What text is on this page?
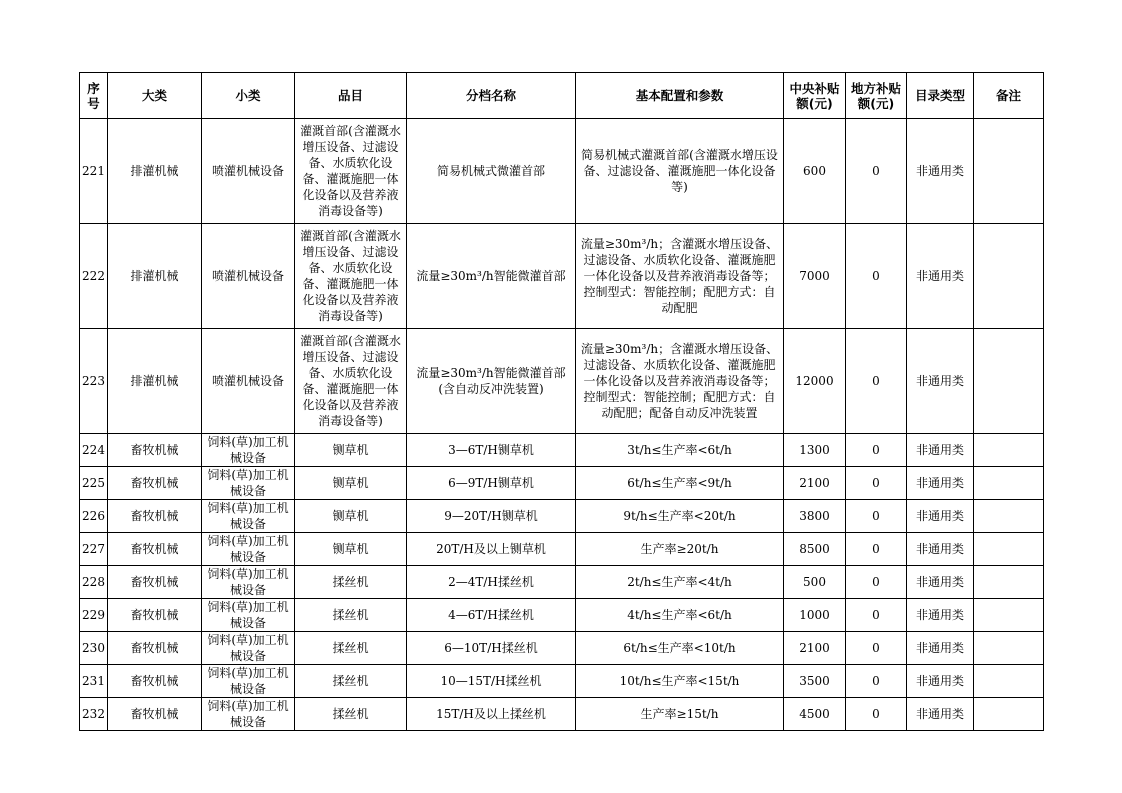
序号	大类	小类	品目	分档名称	基本配置和参数	中央补贴额(元)	地方补贴额(元)	目录类型	备注
221	排灌机械	喷灌机械设备	灌溉首部(含灌溉水增压设备、过滤设备、水质软化设备、灌溉施肥一体化设备以及营养液消毒设备等)	简易机械式微灌首部	简易机械式灌溉首部(含灌溉水增压设备、过滤设备、灌溉施肥一体化设备等)	600	0	非通用类	
222	排灌机械	喷灌机械设备	灌溉首部(含灌溉水增压设备、过滤设备、水质软化设备、灌溉施肥一体化设备以及营养液消毒设备等)	流量≥30m³/h智能微灌首部	流量≥30m³/h；含灌溉水增压设备、过滤设备、水质软化设备、灌溉施肥一体化设备以及营养液消毒设备等；控制型式：智能控制；配肥方式：自动配肥	7000	0	非通用类	
223	排灌机械	喷灌机械设备	灌溉首部(含灌溉水增压设备、过滤设备、水质软化设备、灌溉施肥一体化设备以及营养液消毒设备等)	流量≥30m³/h智能微灌首部(含自动反冲洗装置)	流量≥30m³/h；含灌溉水增压设备、过滤设备、水质软化设备、灌溉施肥一体化设备以及营养液消毒设备等；控制型式：智能控制；配肥方式：自动配肥；配备自动反冲洗装置	12000	0	非通用类	
224	畜牧机械	饲料(草)加工机械设备	铡草机	3—6T/H铡草机	3t/h≤生产率<6t/h	1300	0	非通用类	
225	畜牧机械	饲料(草)加工机械设备	铡草机	6—9T/H铡草机	6t/h≤生产率<9t/h	2100	0	非通用类	
226	畜牧机械	饲料(草)加工机械设备	铡草机	9—20T/H铡草机	9t/h≤生产率<20t/h	3800	0	非通用类	
227	畜牧机械	饲料(草)加工机械设备	铡草机	20T/H及以上铡草机	生产率≥20t/h	8500	0	非通用类	
228	畜牧机械	饲料(草)加工机械设备	揉丝机	2—4T/H揉丝机	2t/h≤生产率<4t/h	500	0	非通用类	
229	畜牧机械	饲料(草)加工机械设备	揉丝机	4—6T/H揉丝机	4t/h≤生产率<6t/h	1000	0	非通用类	
230	畜牧机械	饲料(草)加工机械设备	揉丝机	6—10T/H揉丝机	6t/h≤生产率<10t/h	2100	0	非通用类	
231	畜牧机械	饲料(草)加工机械设备	揉丝机	10—15T/H揉丝机	10t/h≤生产率<15t/h	3500	0	非通用类	
232	畜牧机械	饲料(草)加工机械设备	揉丝机	15T/H及以上揉丝机	生产率≥15t/h	4500	0	非通用类	
